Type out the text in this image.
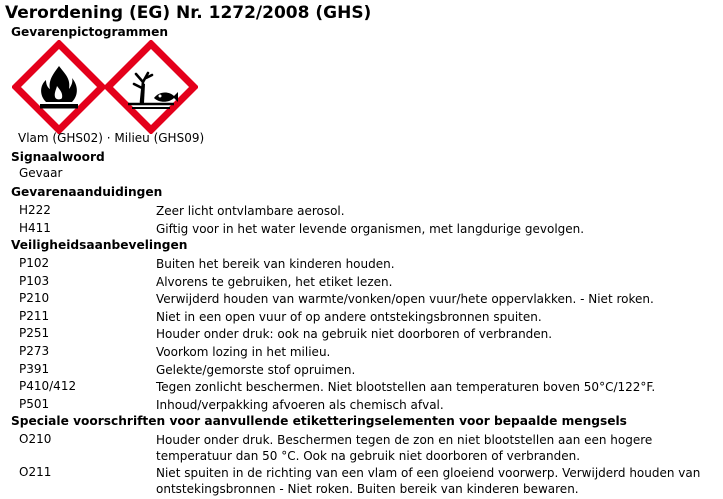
Verordening (EG) Nr. 1272/2008 (GHS)
Gevarenpictogrammen
Vlam (GHS02) · Milieu (GHS09)
Signaalwoord
Gevaar
Gevarenaanduidingen
H222	Zeer licht ontvlambare aerosol.
H411	Giftig voor in het water levende organismen, met langdurige gevolgen.
Veiligheidsaanbevelingen
P102	Buiten het bereik van kinderen houden.
P103	Alvorens te gebruiken, het etiket lezen.
P210	Verwijderd houden van warmte/vonken/open vuur/hete oppervlakken. - Niet roken.
P211	Niet in een open vuur of op andere ontstekingsbronnen spuiten.
P251	Houder onder druk: ook na gebruik niet doorboren of verbranden.
P273	Voorkom lozing in het milieu.
P391	Gelekte/gemorste stof opruimen.
P410/412	Tegen zonlicht beschermen. Niet blootstellen aan temperaturen boven 50°C/122°F.
P501	Inhoud/verpakking afvoeren als chemisch afval.
Speciale voorschriften voor aanvullende etiketteringselementen voor bepaalde mengsels
O210	Houder onder druk. Beschermen tegen de zon en niet blootstellen aan een hogere temperatuur dan 50 °C. Ook na gebruik niet doorboren of verbranden.
O211	Niet spuiten in de richting van een vlam of een gloeiend voorwerp. Verwijderd houden van ontstekingsbronnen - Niet roken. Buiten bereik van kinderen bewaren.
